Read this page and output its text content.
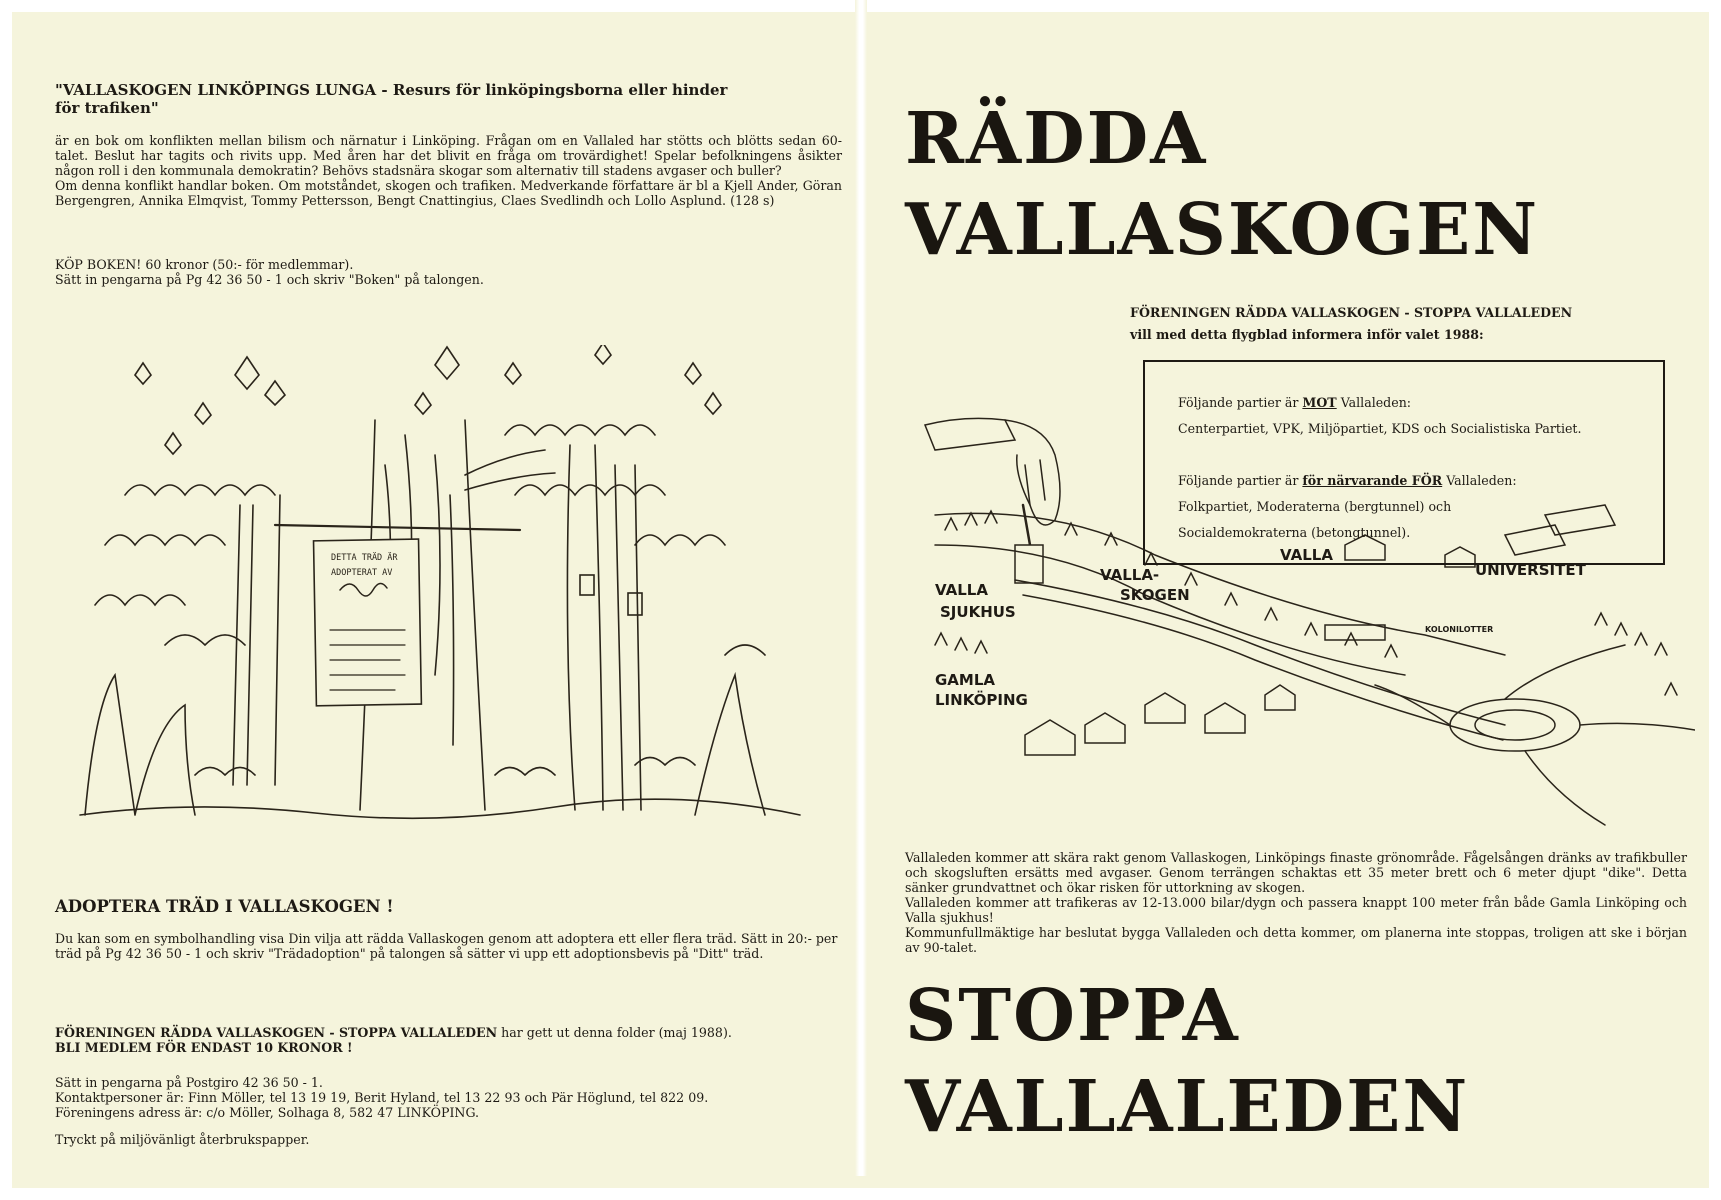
"VALLASKOGEN LINKÖPINGS LUNGA - Resurs för linköpingsborna eller hinder för trafiken"
är en bok om konflikten mellan bilism och närnatur i Linköping. Frågan om en Vallaled har stötts och blötts sedan 60-talet. Beslut har tagits och rivits upp. Med åren har det blivit en fråga om trovärdighet! Spelar befolkningens åsikter någon roll i den kommunala demokratin? Behövs stadsnära skogar som alternativ till stadens avgaser och buller?
Om denna konflikt handlar boken. Om motståndet, skogen och trafiken. Medverkande författare är bl a Kjell Ander, Göran Bergengren, Annika Elmqvist, Tommy Pettersson, Bengt Cnattingius, Claes Svedlindh och Lollo Asplund. (128 s)
KÖP BOKEN! 60 kronor (50:- för medlemmar).
Sätt in pengarna på Pg 42 36 50 - 1 och skriv "Boken" på talongen.
DETTA TRÄD ÄR
ADOPTERAT AV
ADOPTERA TRÄD I VALLASKOGEN !
Du kan som en symbolhandling visa Din vilja att rädda Vallaskogen genom att adoptera ett eller flera träd. Sätt in 20:- per träd på Pg 42 36 50 - 1 och skriv "Trädadoption" på talongen så sätter vi upp ett adoptionsbevis på "Ditt" träd.
FÖRENINGEN RÄDDA VALLASKOGEN - STOPPA VALLALEDEN har gett ut denna folder (maj 1988).
BLI MEDLEM FÖR ENDAST 10 KRONOR !
Sätt in pengarna på Postgiro 42 36 50 - 1.
Kontaktpersoner är: Finn Möller, tel 13 19 19, Berit Hyland, tel 13 22 93 och Pär Höglund, tel 822 09.
Föreningens adress är: c/o Möller, Solhaga 8, 582 47 LINKÖPING.
Tryckt på miljövänligt återbrukspapper.
RÄDDA
VALLASKOGEN
FÖRENINGEN RÄDDA VALLASKOGEN - STOPPA VALLALEDEN
vill med detta flygblad informera inför valet 1988:
VALLA
UNIVERSITET
VALLA-
SKOGEN
VALLA
SJUKHUS
GAMLA
LINKÖPING
KOLONILOTTER
Följande partier är MOT Vallaleden:
Centerpartiet, VPK, Miljöpartiet, KDS och Socialistiska Partiet.
Följande partier är för närvarande FÖR Vallaleden:
Folkpartiet, Moderaterna (bergtunnel) och
Socialdemokraterna (betongtunnel).
Vallaleden kommer att skära rakt genom Vallaskogen, Linköpings finaste grönområde. Fågelsången dränks av trafikbuller och skogsluften ersätts med avgaser. Genom terrängen schaktas ett 35 meter brett och 6 meter djupt "dike". Detta sänker grundvattnet och ökar risken för uttorkning av skogen.
Vallaleden kommer att trafikeras av 12-13.000 bilar/dygn och passera knappt 100 meter från både Gamla Linköping och Valla sjukhus!
Kommunfullmäktige har beslutat bygga Vallaleden och detta kommer, om planerna inte stoppas, troligen att ske i början av 90-talet.
STOPPA
VALLALEDEN
